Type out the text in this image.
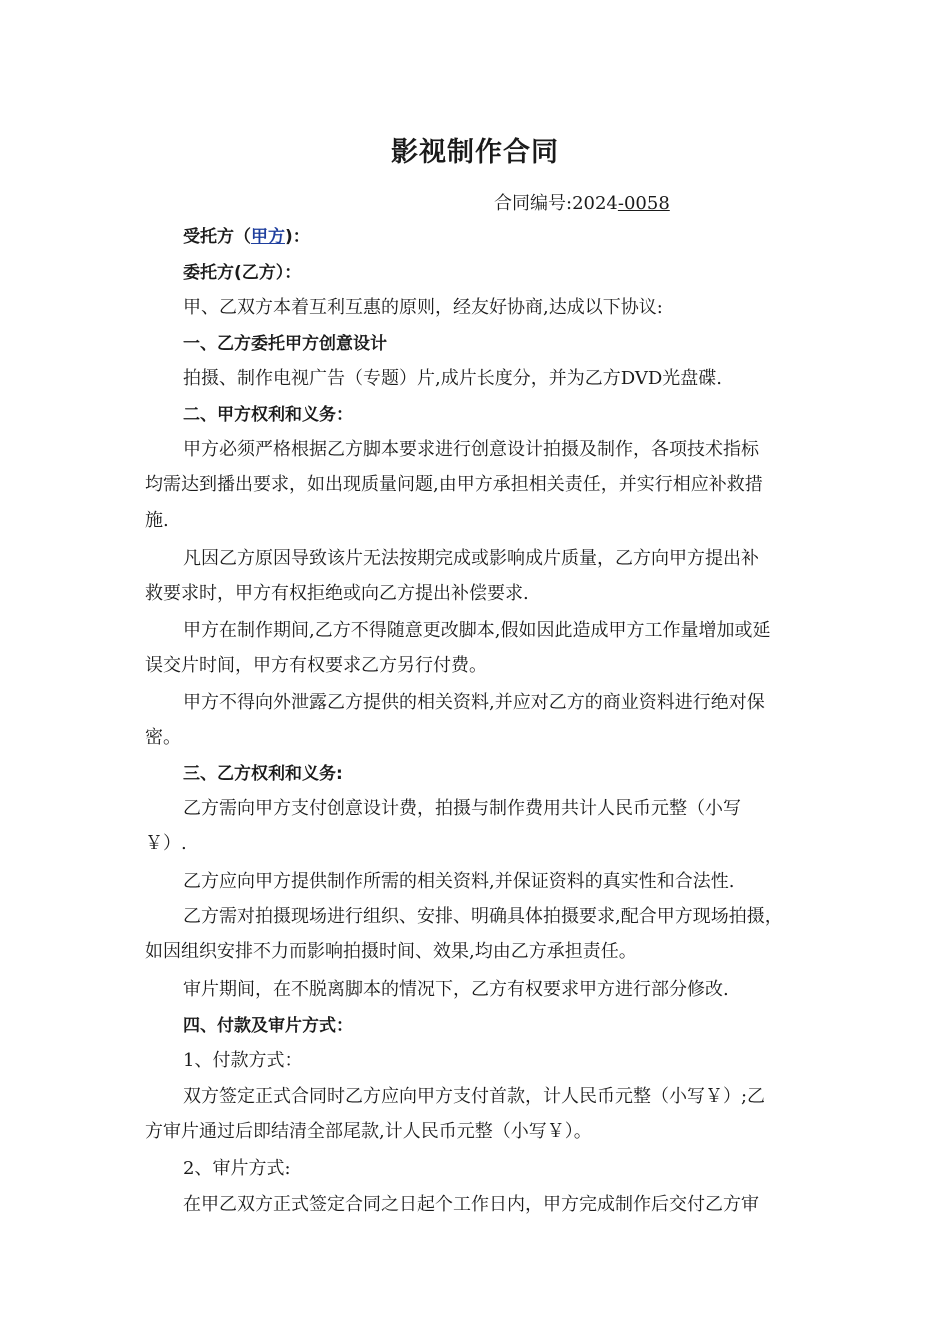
影视制作合同
合同编号:2024-0058
受托方（甲方)：
委托方(乙方）：
甲、乙双方本着互利互惠的原则，经友好协商,达成以下协议:
一、乙方委托甲方创意设计
拍摄、制作电视广告（专题）片,成片长度分，并为乙方DVD光盘碟.
二、甲方权利和义务：
甲方必须严格根据乙方脚本要求进行创意设计拍摄及制作，各项技术指标
均需达到播出要求，如出现质量问题,由甲方承担相关责任，并实行相应补救措
施.
凡因乙方原因导致该片无法按期完成或影响成片质量，乙方向甲方提出补
救要求时，甲方有权拒绝或向乙方提出补偿要求.
甲方在制作期间,乙方不得随意更改脚本,假如因此造成甲方工作量增加或延
误交片时间，甲方有权要求乙方另行付费。
甲方不得向外泄露乙方提供的相关资料,并应对乙方的商业资料进行绝对保
密。
三、乙方权利和义务:
乙方需向甲方支付创意设计费，拍摄与制作费用共计人民币元整（小写
￥）.
乙方应向甲方提供制作所需的相关资料,并保证资料的真实性和合法性.
乙方需对拍摄现场进行组织、安排、明确具体拍摄要求,配合甲方现场拍摄，
如因组织安排不力而影响拍摄时间、效果,均由乙方承担责任。
审片期间，在不脱离脚本的情况下，乙方有权要求甲方进行部分修改.
四、付款及审片方式：
1、付款方式：
双方签定正式合同时乙方应向甲方支付首款，计人民币元整（小写￥）;乙
方审片通过后即结清全部尾款,计人民币元整（小写￥）。
2、审片方式:
在甲乙双方正式签定合同之日起个工作日内，甲方完成制作后交付乙方审
